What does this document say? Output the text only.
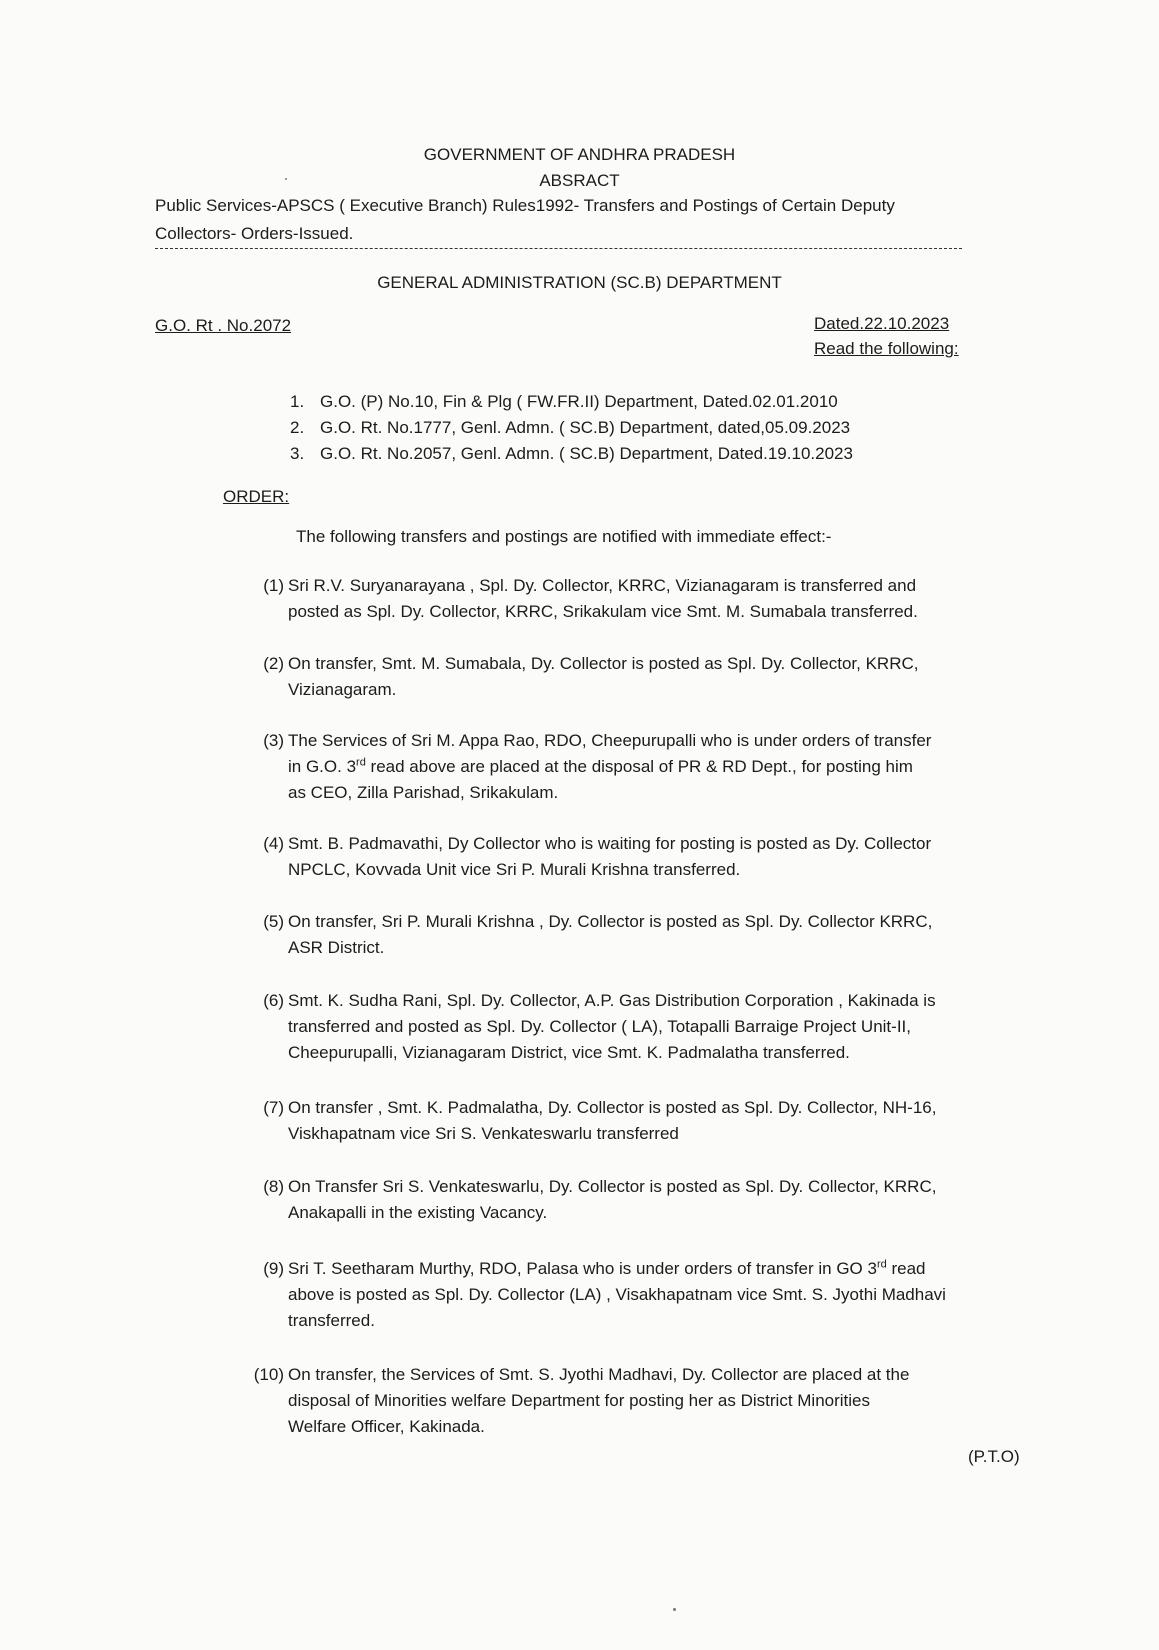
GOVERNMENT OF ANDHRA PRADESH
ABSRACT
Public Services-APSCS ( Executive Branch) Rules1992- Transfers and Postings of Certain Deputy
Collectors- Orders-Issued.
GENERAL ADMINISTRATION (SC.B) DEPARTMENT
G.O. Rt . No.2072	Dated.22.10.2023
Read the following:
1. G.O. (P) No.10, Fin & Plg ( FW.FR.II) Department, Dated.02.01.2010
2. G.O. Rt. No.1777, Genl. Admn. ( SC.B) Department, dated,05.09.2023
3. G.O. Rt. No.2057, Genl. Admn. ( SC.B) Department, Dated.19.10.2023
ORDER:
The following transfers and postings are notified with immediate effect:-
(1) Sri R.V. Suryanarayana , Spl. Dy. Collector, KRRC, Vizianagaram is transferred and
posted as Spl. Dy. Collector, KRRC, Srikakulam vice Smt. M. Sumabala transferred.
(2) On transfer, Smt. M. Sumabala, Dy. Collector is posted as Spl. Dy. Collector, KRRC,
Vizianagaram.
(3) The Services of Sri M. Appa Rao, RDO, Cheepurupalli who is under orders of transfer
in G.O. 3rd read above are placed at the disposal of PR & RD Dept., for posting him
as CEO, Zilla Parishad, Srikakulam.
(4) Smt. B. Padmavathi, Dy Collector who is waiting for posting is posted as Dy. Collector
NPCLC, Kovvada Unit vice Sri P. Murali Krishna transferred.
(5) On transfer, Sri P. Murali Krishna , Dy. Collector is posted as Spl. Dy. Collector KRRC,
ASR District.
(6) Smt. K. Sudha Rani, Spl. Dy. Collector, A.P. Gas Distribution Corporation , Kakinada is
transferred and posted as Spl. Dy. Collector ( LA), Totapalli Barraige Project Unit-II,
Cheepurupalli, Vizianagaram District, vice Smt. K. Padmalatha transferred.
(7) On transfer , Smt. K. Padmalatha, Dy. Collector is posted as Spl. Dy. Collector, NH-16,
Viskhapatnam vice Sri S. Venkateswarlu transferred
(8) On Transfer Sri S. Venkateswarlu, Dy. Collector is posted as Spl. Dy. Collector, KRRC,
Anakapalli in the existing Vacancy.
(9) Sri T. Seetharam Murthy, RDO, Palasa who is under orders of transfer in GO 3rd read
above is posted as Spl. Dy. Collector (LA) , Visakhapatnam vice Smt. S. Jyothi Madhavi
transferred.
(10) On transfer, the Services of Smt. S. Jyothi Madhavi, Dy. Collector are placed at the
disposal of Minorities welfare Department for posting her as District Minorities
Welfare Officer, Kakinada.
(P.T.O)
